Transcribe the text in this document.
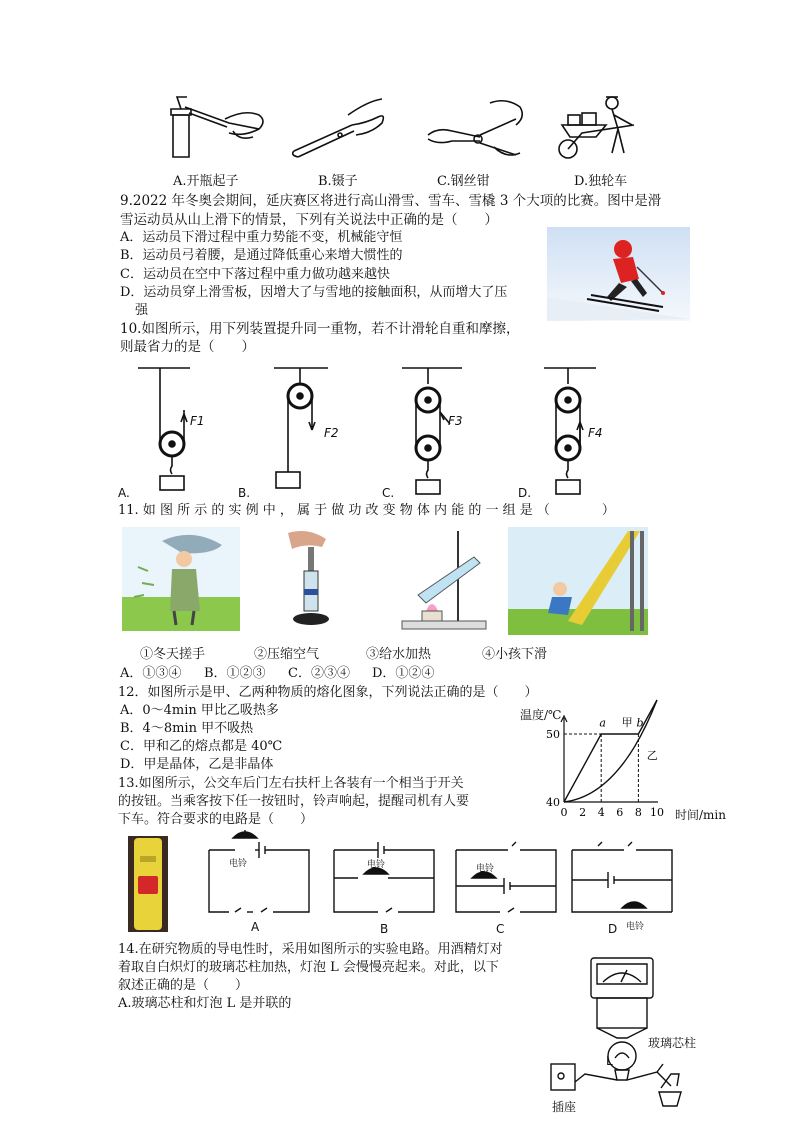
A.开瓶起子	B.镊子	C.钢丝钳	D.独轮车
9.2022 年冬奥会期间，延庆赛区将进行高山滑雪、雪车、雪橇 3 个大项的比赛。图中是滑
雪运动员从山上滑下的情景，下列有关说法中正确的是（　　）
A．运动员下滑过程中重力势能不变，机械能守恒
B．运动员弓着腰，是通过降低重心来增大惯性的
C．运动员在空中下落过程中重力做功越来越快
D．运动员穿上滑雪板，因增大了与雪地的接触面积，从而增大了压
强
10.如图所示，用下列装置提升同一重物，若不计滑轮自重和摩擦，
则最省力的是（　　）
F1
A.
F2
B.
F3
C.
F4
D.
11. 如 图 所 示 的 实 例 中 ， 属 于 做 功 改 变 物 体 内 能 的 一 组 是 （　　　　）
①冬天搓手	②压缩空气	③给水加热	④小孩下滑
A．①③④ B．①②③ C．②③④ D．①②④
12．如图所示是甲、乙两种物质的熔化图象，下列说法正确的是（　　）
A．0～4min 甲比乙吸热多
B．4～8min 甲不吸热
C．甲和乙的熔点都是 40℃
D．甲是晶体，乙是非晶体
0 2 4 6 8 10
40
50
甲
乙
a	b
温度/℃
时间/min
13.如图所示，公交车后门左右扶杆上各装有一个相当于开关
的按钮。当乘客按下任一按钮时，铃声响起，提醒司机有人要
下车。符合要求的电路是（　　）
电铃	电铃	电铃
电铃
A	B	C	D
14.在研究物质的导电性时，采用如图所示的实验电路。用酒精灯对
着取自白炽灯的玻璃芯柱加热，灯泡 L 会慢慢亮起来。对此，以下
叙述正确的是（　　）
A.玻璃芯柱和灯泡 L 是并联的
玻璃芯柱
L
插座
